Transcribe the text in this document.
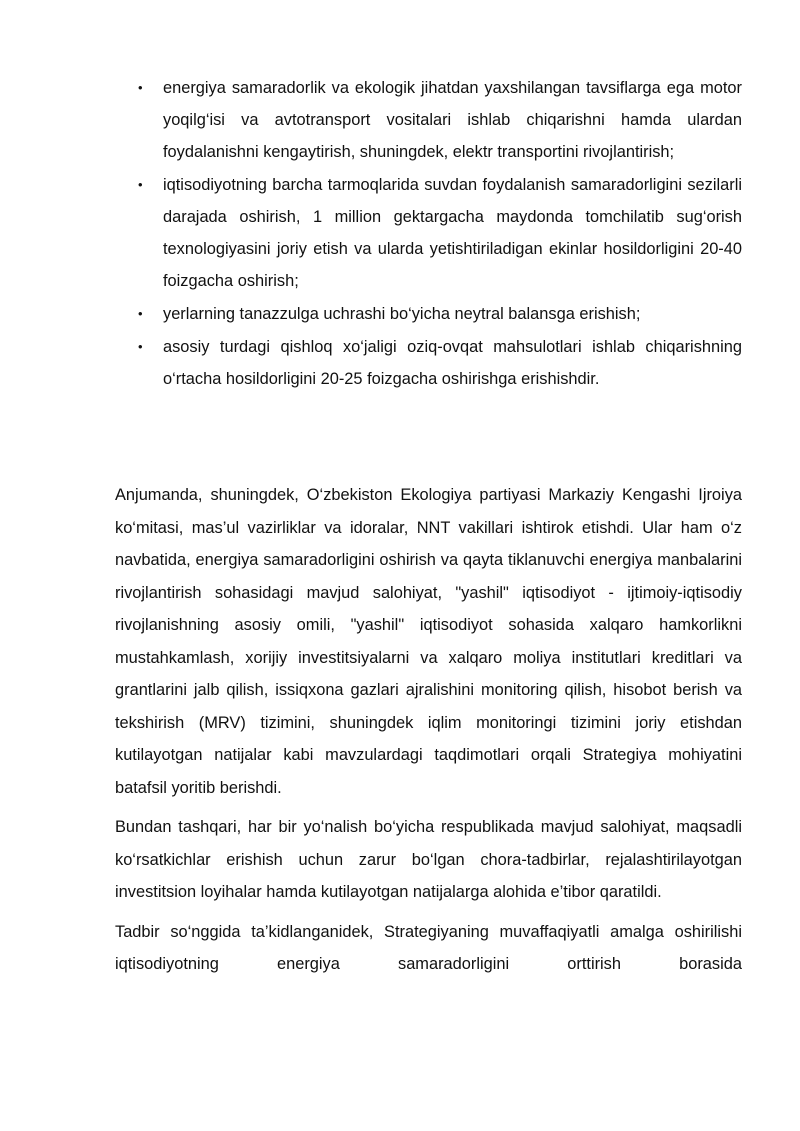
• energiya samaradorlik va ekologik jihatdan yaxshilangan tavsiflarga ega motor yoqilg‘isi va avtotransport vositalari ishlab chiqarishni hamda ulardan foydalanishni kengaytirish, shuningdek, elektr transportini rivojlantirish;
• iqtisodiyotning barcha tarmoqlarida suvdan foydalanish samaradorligini sezilarli darajada oshirish, 1 million gektargacha maydonda tomchilatib sug‘orish texnologiyasini joriy etish va ularda yetishtiriladigan ekinlar hosildorligini 20-40 foizgacha oshirish;
• yerlarning tanazzulga uchrashi bo‘yicha neytral balansga erishish;
• asosiy turdagi qishloq xo‘jaligi oziq-ovqat mahsulotlari ishlab chiqarishning o‘rtacha hosildorligini 20-25 foizgacha oshirishga erishishdir.

Anjumanda, shuningdek, O‘zbekiston Ekologiya partiyasi Markaziy Kengashi Ijroiya ko‘mitasi, mas’ul vazirliklar va idoralar, NNT vakillari ishtirok etishdi. Ular ham o‘z navbatida, energiya samaradorligini oshirish va qayta tiklanuvchi energiya manbalarini rivojlantirish sohasidagi mavjud salohiyat, "yashil" iqtisodiyot - ijtimoiy-iqtisodiy rivojlanishning asosiy omili, "yashil" iqtisodiyot sohasida xalqaro hamkorlikni mustahkamlash, xorijiy investitsiyalarni va xalqaro moliya institutlari kreditlari va grantlarini jalb qilish, issiqxona gazlari ajralishini monitoring qilish, hisobot berish va tekshirish (MRV) tizimini, shuningdek iqlim monitoringi tizimini joriy etishdan kutilayotgan natijalar kabi mavzulardagi taqdimotlari orqali Strategiya mohiyatini batafsil yoritib berishdi.

Bundan tashqari, har bir yo‘nalish bo‘yicha respublikada mavjud salohiyat, maqsadli ko‘rsatkichlar erishish uchun zarur bo‘lgan chora-tadbirlar, rejalashtirilayotgan investitsion loyihalar hamda kutilayotgan natijalarga alohida e’tibor qaratildi.

Tadbir so‘nggida ta’kidlanganidek, Strategiyaning muvaffaqiyatli amalga oshirilishi iqtisodiyotning energiya samaradorligini orttirish borasida
